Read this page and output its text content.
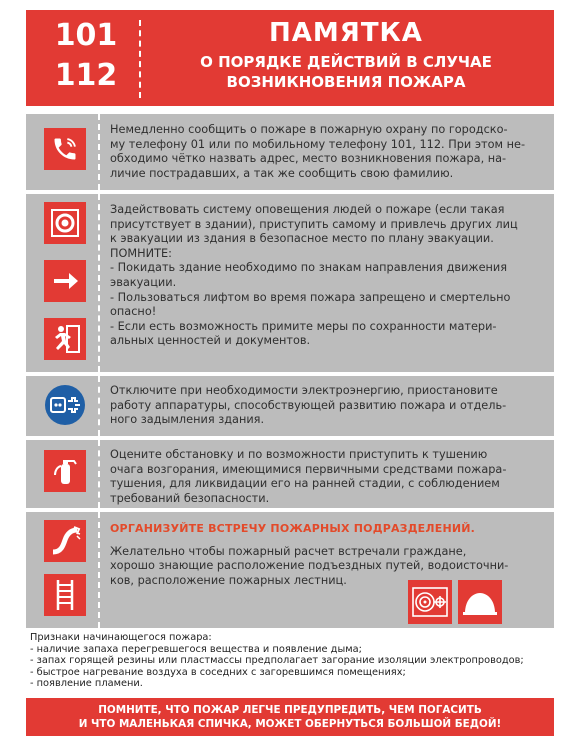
101
112
ПАМЯТКА
О ПОРЯДКЕ ДЕЙСТВИЙ В СЛУЧАЕ
ВОЗНИКНОВЕНИЯ ПОЖАРА

Немедленно сообщить о пожаре в пожарную охрану по городско-

му телефону 01 или по мобильному телефону 101, 112. При этом не-

обходимо чётко назвать адрес, место возникновения пожара, на-

личие пострадавших, а так же сообщить свою фамилию.

Задействовать систему оповещения людей о пожаре (если такая

присутствует в здании), приступить самому и привлечь других лиц

к эвакуации из здания в безопасное место по плану эвакуации.

ПОМНИТЕ:

- Покидать здание необходимо по знакам направления движения

эвакуации.

- Пользоваться лифтом во время пожара запрещено и смертельно

опасно!

- Если есть возможность примите меры по сохранности матери-

альных ценностей и документов.

Отключите при необходимости электроэнергию, приостановите

работу аппаратуры, способствующей развитию пожара и отдель-

ного задымления здания.

Оцените обстановку и по возможности приступить к тушению

очага возгорания, имеющимися первичными средствами пожара-

тушения, для ликвидации его на ранней стадии, с соблюдением

требований безопасности.

ОРГАНИЗУЙТЕ ВСТРЕЧУ ПОЖАРНЫХ ПОДРАЗДЕЛЕНИЙ.

Желательно чтобы пожарный расчет встречали граждане,

хорошо знающие расположение подъездных путей, водоисточни-

ков, расположение пожарных лестниц.

Признаки начинающегося пожара:

- наличие запаха перегревшегося вещества и появление дыма;

- запах горящей резины или пластмассы предполагает загорание изоляции электропроводов;

- быстрое нагревание воздуха в соседних с загоревшимся помещениях;

- появление пламени.

ПОМНИТЕ, ЧТО ПОЖАР ЛЕГЧЕ ПРЕДУПРЕДИТЬ, ЧЕМ ПОГАСИТЬ
И ЧТО МАЛЕНЬКАЯ СПИЧКА, МОЖЕТ ОБЕРНУТЬСЯ БОЛЬШОЙ БЕДОЙ!
